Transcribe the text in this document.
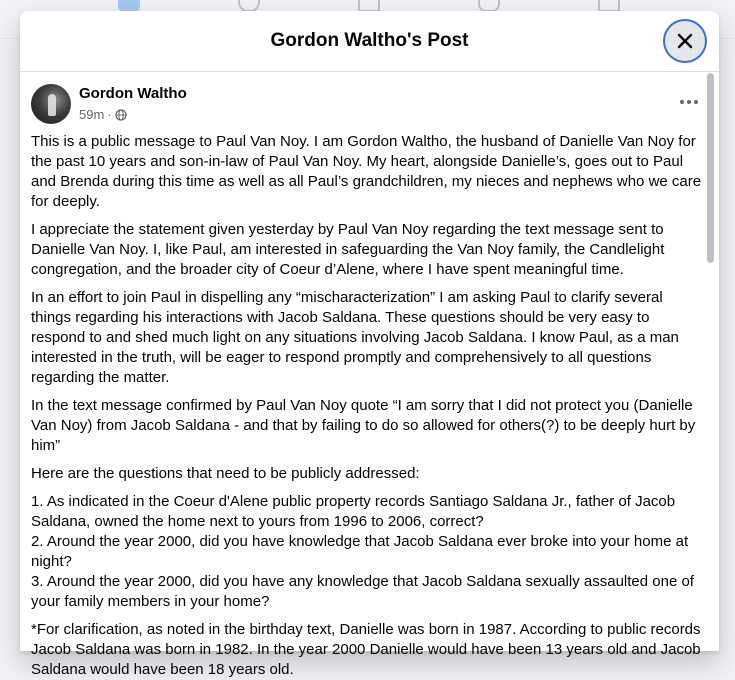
Gordon Waltho's Post
Gordon Waltho
59m ·

This is a public message to Paul Van Noy. I am Gordon Waltho, the husband of Danielle Van Noy for the past 10 years and son-in-law of Paul Van Noy. My heart, alongside Danielle’s, goes out to Paul and Brenda during this time as well as all Paul’s grandchildren, my nieces and nephews who we care for deeply.

I appreciate the statement given yesterday by Paul Van Noy regarding the text message sent to Danielle Van Noy. I, like Paul, am interested in safeguarding the Van Noy family, the Candlelight congregation, and the broader city of Coeur d’Alene, where I have spent meaningful time.

In an effort to join Paul in dispelling any “mischaracterization” I am asking Paul to clarify several things regarding his interactions with Jacob Saldana. These questions should be very easy to respond to and shed much light on any situations involving Jacob Saldana. I know Paul, as a man interested in the truth, will be eager to respond promptly and comprehensively to all questions regarding the matter.

In the text message confirmed by Paul Van Noy quote “I am sorry that I did not protect you (Danielle Van Noy) from Jacob Saldana - and that by failing to do so allowed for others(?) to be deeply hurt by him”

Here are the questions that need to be publicly addressed:

1. As indicated in the Coeur d'Alene public property records Santiago Saldana Jr., father of Jacob Saldana, owned the home next to yours from 1996 to 2006, correct?
2. Around the year 2000, did you have knowledge that Jacob Saldana ever broke into your home at night?
3. Around the year 2000, did you have any knowledge that Jacob Saldana sexually assaulted one of your family members in your home?

*For clarification, as noted in the birthday text, Danielle was born in 1987. According to public records Jacob Saldana was born in 1982. In the year 2000 Danielle would have been 13 years old and Jacob Saldana would have been 18 years old.
